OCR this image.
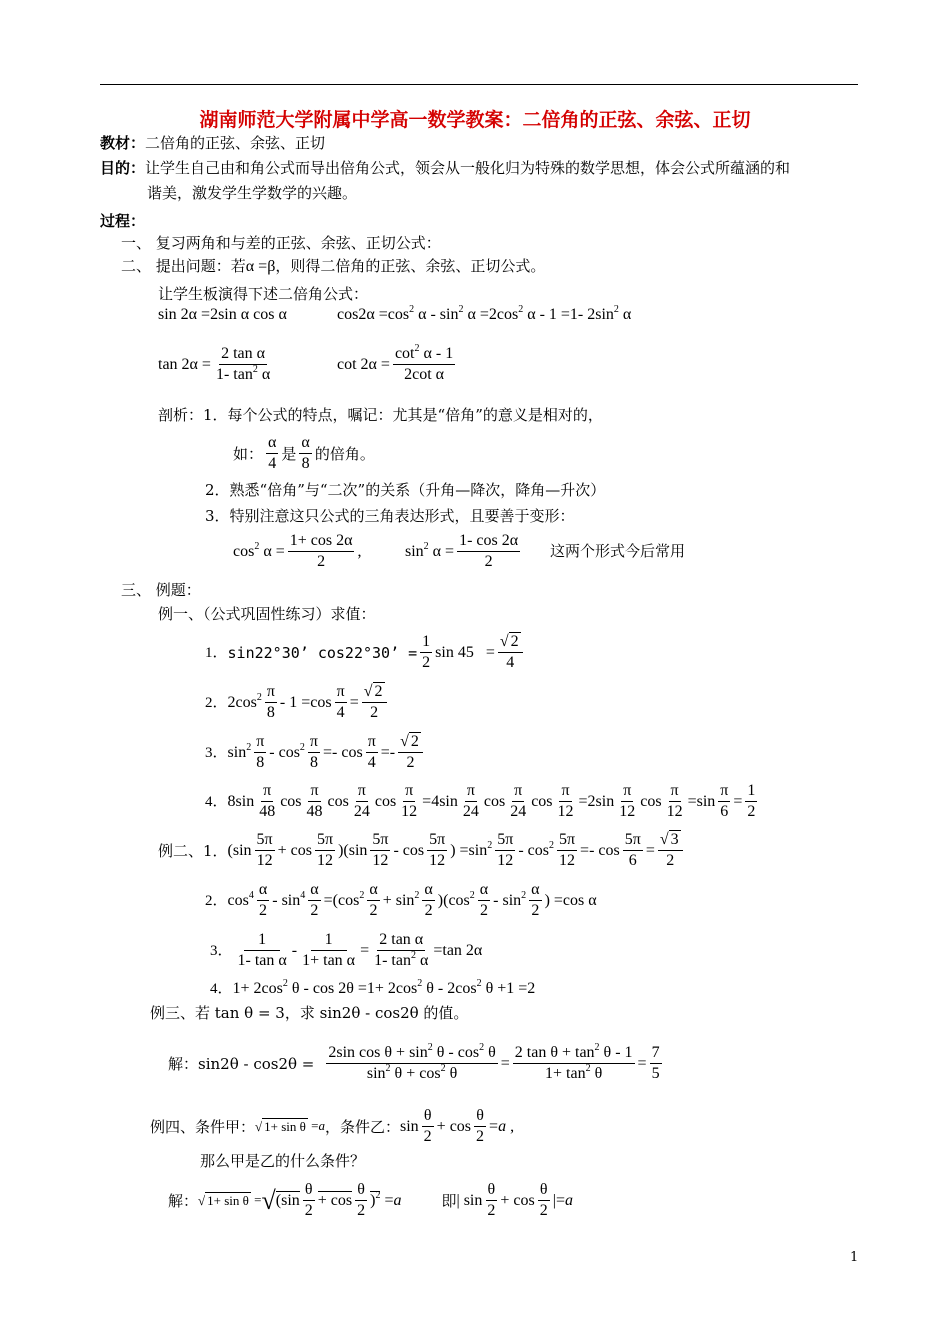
湖南师范大学附属中学高一数学教案：二倍角的正弦、余弦、正切
教材：二倍角的正弦、余弦、正切
目的：让学生自己由和角公式而导出倍角公式，领会从一般化归为特殊的数学思想，体会公式所蕴涵的和
谐美，激发学生学数学的兴趣。
过程：
一、 复习两角和与差的正弦、余弦、正切公式：
二、 提出问题：若α =β，则得二倍角的正弦、余弦、正切公式。
让学生板演得下述二倍角公式：
sin 2α =2sin α cos α	$\cos 2\alpha =\cos^2$ $\alpha - \sin^2 \alpha =2\cos^2$ α - 1 =1- $2\sin^2$ α
$\tan 2\alpha = \frac{\text{2 tan α}}{1- \tan^2 \alpha}$	$\cot 2\alpha = \frac{\cot^2 \alpha - 1}{\text{2cot α}}$
剖析：1．每个公式的特点，嘱记：尤其是“倍角”的意义是相对的，
如： $\frac{\alpha}{4}$ 是 $\frac{\alpha}{8}$ 的倍角。
2．熟悉“倍角”与“二次”的关系（升角—降次，降角—升次）
3．特别注意这只公式的三角表达形式，且要善于变形：
$\cos^2 \alpha = \frac{1+ \cos 2\alpha}{2}$ ,	$\sin^2 \alpha = \frac{1- \cos 2\alpha}{2}$ 这两个形式今后常用
三、 例题：
例一、（公式巩固性练习）求值：
1．sin22°30’ cos22°30’ = $\frac{1}{2}$ $\sin 45 = \frac{√ 2}{4}$
2．$2\cos^2 \frac{\pi}{8} - 1 =\cos \frac{\pi}{4} = \frac{√ 2}{2}$
3．$\sin^2 \frac{\pi}{8} - \cos^2 \frac{\pi}{8} =- \cos \frac{\pi}{4} =- \frac{√ 2}{2}$
4．$8\sin \frac{\pi}{48}$ $\cos \frac{\pi}{48}$ $\cos \frac{\pi}{24}$ $\cos \frac{\pi}{12} =4\sin \frac{\pi}{24}$ $\cos \frac{\pi}{24}$ $\cos \frac{\pi}{12} =2\sin \frac{\pi}{12}$ $\cos \frac{\pi}{12} =\sin \frac{\pi}{6} = \frac{1}{2}$
例二、1．$(\sin \frac{5\pi}{12} + \cos \frac{5\pi}{12} )(\sin \frac{5\pi}{12} - \cos \frac{5\pi}{12}$ ) $=\sin^2 \frac{5\pi}{12} - \cos^2 \frac{5\pi}{12} =- \cos \frac{5\pi}{6} = \frac{√ 3}{2}$
2．$\cos^4 \frac{\alpha}{2} - \sin^4 \frac{\alpha}{2} =(\cos^2 \frac{\alpha}{2} + \sin^2 \frac{\alpha}{2} )(\cos^2 \frac{\alpha}{2} - \sin^2 \frac{\alpha}{2}$ ) =cos α
3． $\frac{1}{\text{1- tan α}} - \frac{1}{\text{1+ tan α}} = \frac{\text{2 tan α}}{1- \tan^2 \alpha} =\tan$ 2α
4．$1+ 2\cos^2$ $\theta - \cos 2\theta =1+ 2\cos^2$ θ - $2\cos^2$ θ +1 =2
例三、若 tan θ = 3，求 sin2θ - cos2θ 的值。
解：$\sin 2\theta - \cos 2\theta = \frac{2\sin \cos \theta + \sin^2 \theta - \cos^2 \theta}{\sin^2 \theta + \cos^2 \theta} = \frac{2 \tan \theta + \tan^2 \theta - 1}{1+ \tan^2 \theta} = \frac{7}{5}$
例四、条件甲：√ 1+ sin θ =a，条件乙：$\sin \frac{\theta}{2} + \cos \frac{\theta}{2} =a$ ,
那么甲是乙的什么条件？
解：√ $1+ \sin \theta =√(\sin \frac{\theta}{2} + \cos \frac{\theta}{2} )^2 =a$	即| $\sin \frac{\theta}{2} + \cos \frac{\theta}{2} |=a$
1
